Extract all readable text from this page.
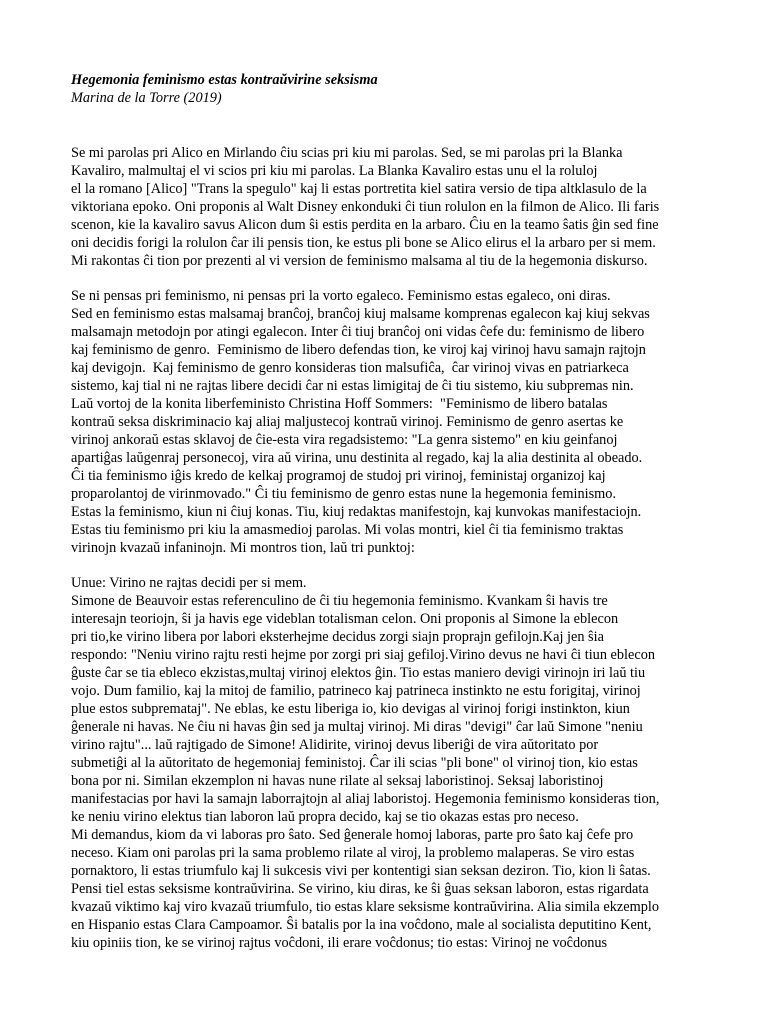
Hegemonia feminismo estas kontraŭvirine seksisma

Marina de la Torre (2019)

Se mi parolas pri Alico en Mirlando ĉiu scias pri kiu mi parolas. Sed, se mi parolas pri la Blanka

Kavaliro, malmultaj el vi scios pri kiu mi parolas. La Blanka Kavaliro estas unu el la roluloj

el la romano [Alico] "Trans la spegulo" kaj li estas portretita kiel satira versio de tipa altklasulo de la

viktoriana epoko. Oni proponis al Walt Disney enkonduki ĉi tiun rolulon en la filmon de Alico. Ili faris

scenon, kie la kavaliro savus Alicon dum ŝi estis perdita en la arbaro. Ĉiu en la teamo ŝatis ĝin sed fine

oni decidis forigi la rolulon ĉar ili pensis tion, ke estus pli bone se Alico elirus el la arbaro per si mem.

Mi rakontas ĉi tion por prezenti al vi version de feminismo malsama al tiu de la hegemonia diskurso.

Se ni pensas pri feminismo, ni pensas pri la vorto egaleco. Feminismo estas egaleco, oni diras.

Sed en feminismo estas malsamaj branĉoj, branĉoj kiuj malsame komprenas egalecon kaj kiuj sekvas

malsamajn metodojn por atingi egalecon. Inter ĉi tiuj branĉoj oni vidas ĉefe du: feminismo de libero

kaj feminismo de genro.  Feminismo de libero defendas tion, ke viroj kaj virinoj havu samajn rajtojn

kaj devigojn.  Kaj feminismo de genro konsideras tion malsufiĉa,  ĉar virinoj vivas en patriarkeca

sistemo, kaj tial ni ne rajtas libere decidi ĉar ni estas limigitaj de ĉi tiu sistemo, kiu subpremas nin.

Laŭ vortoj de la konita liberfeministo Christina Hoff Sommers:  "Feminismo de libero batalas

kontraŭ seksa diskriminacio kaj aliaj maljustecoj kontraŭ virinoj. Feminismo de genro asertas ke

virinoj ankoraŭ estas sklavoj de ĉie-esta vira regadsistemo: "La genra sistemo" en kiu geinfanoj

apartiĝas laŭgenraj personecoj, vira aŭ virina, unu destinita al regado, kaj la alia destinita al obeado.

Ĉi tia feminismo iĝis kredo de kelkaj programoj de studoj pri virinoj, feministaj organizoj kaj

proparolantoj de virinmovado." Ĉi tiu feminismo de genro estas nune la hegemonia feminismo.

Estas la feminismo, kiun ni ĉiuj konas. Tiu, kiuj redaktas manifestojn, kaj kunvokas manifestaciojn.

Estas tiu feminismo pri kiu la amasmedioj parolas. Mi volas montri, kiel ĉi tia feminismo traktas

virinojn kvazaŭ infaninojn. Mi montros tion, laŭ tri punktoj:

Unue: Virino ne rajtas decidi per si mem.

Simone de Beauvoir estas referenculino de ĉi tiu hegemonia feminismo. Kvankam ŝi havis tre

interesajn teoriojn, ŝi ja havis ege videblan totalisman celon. Oni proponis al Simone la eblecon

pri tio,ke virino libera por labori eksterhejme decidus zorgi siajn proprajn gefilojn.Kaj jen ŝia

respondo: "Neniu virino rajtu resti hejme por zorgi pri siaj gefiloj.Virino devus ne havi ĉi tiun eblecon

ĝuste ĉar se tia ebleco ekzistas,multaj virinoj elektos ĝin. Tio estas maniero devigi virinojn iri laŭ tiu

vojo. Dum familio, kaj la mitoj de familio, patrineco kaj patrineca instinkto ne estu forigitaj, virinoj

plue estos subpremataj". Ne eblas, ke estu liberiga io, kio devigas al virinoj forigi instinkton, kiun

ĝenerale ni havas. Ne ĉiu ni havas ĝin sed ja multaj virinoj. Mi diras "devigi" ĉar laŭ Simone "neniu

virino rajtu"... laŭ rajtigado de Simone! Alidirite, virinoj devus liberiĝi de vira aŭtoritato por

submetiĝi al la aŭtoritato de hegemoniaj feministoj. Ĉar ili scias "pli bone" ol virinoj tion, kio estas

bona por ni. Similan ekzemplon ni havas nune rilate al seksaj laboristinoj. Seksaj laboristinoj

manifestacias por havi la samajn laborrajtojn al aliaj laboristoj. Hegemonia feminismo konsideras tion,

ke neniu virino elektus tian laboron laŭ propra decido, kaj se tio okazas estas pro neceso.

Mi demandus, kiom da vi laboras pro ŝato. Sed ĝenerale homoj laboras, parte pro ŝato kaj ĉefe pro

neceso. Kiam oni parolas pri la sama problemo rilate al viroj, la problemo malaperas. Se viro estas

pornaktoro, li estas triumfulo kaj li sukcesis vivi per kontentigi sian seksan deziron. Tio, kion li ŝatas.

Pensi tiel estas seksisme kontraŭvirina. Se virino, kiu diras, ke ŝi ĝuas seksan laboron, estas rigardata

kvazaŭ viktimo kaj viro kvazaŭ triumfulo, tio estas klare seksisme kontraŭvirina. Alia simila ekzemplo

en Hispanio estas Clara Campoamor. Ŝi batalis por la ina voĉdono, male al socialista deputitino Kent,

kiu opiniis tion, ke se virinoj rajtus voĉdoni, ili erare voĉdonus; tio estas: Virinoj ne voĉdonus
